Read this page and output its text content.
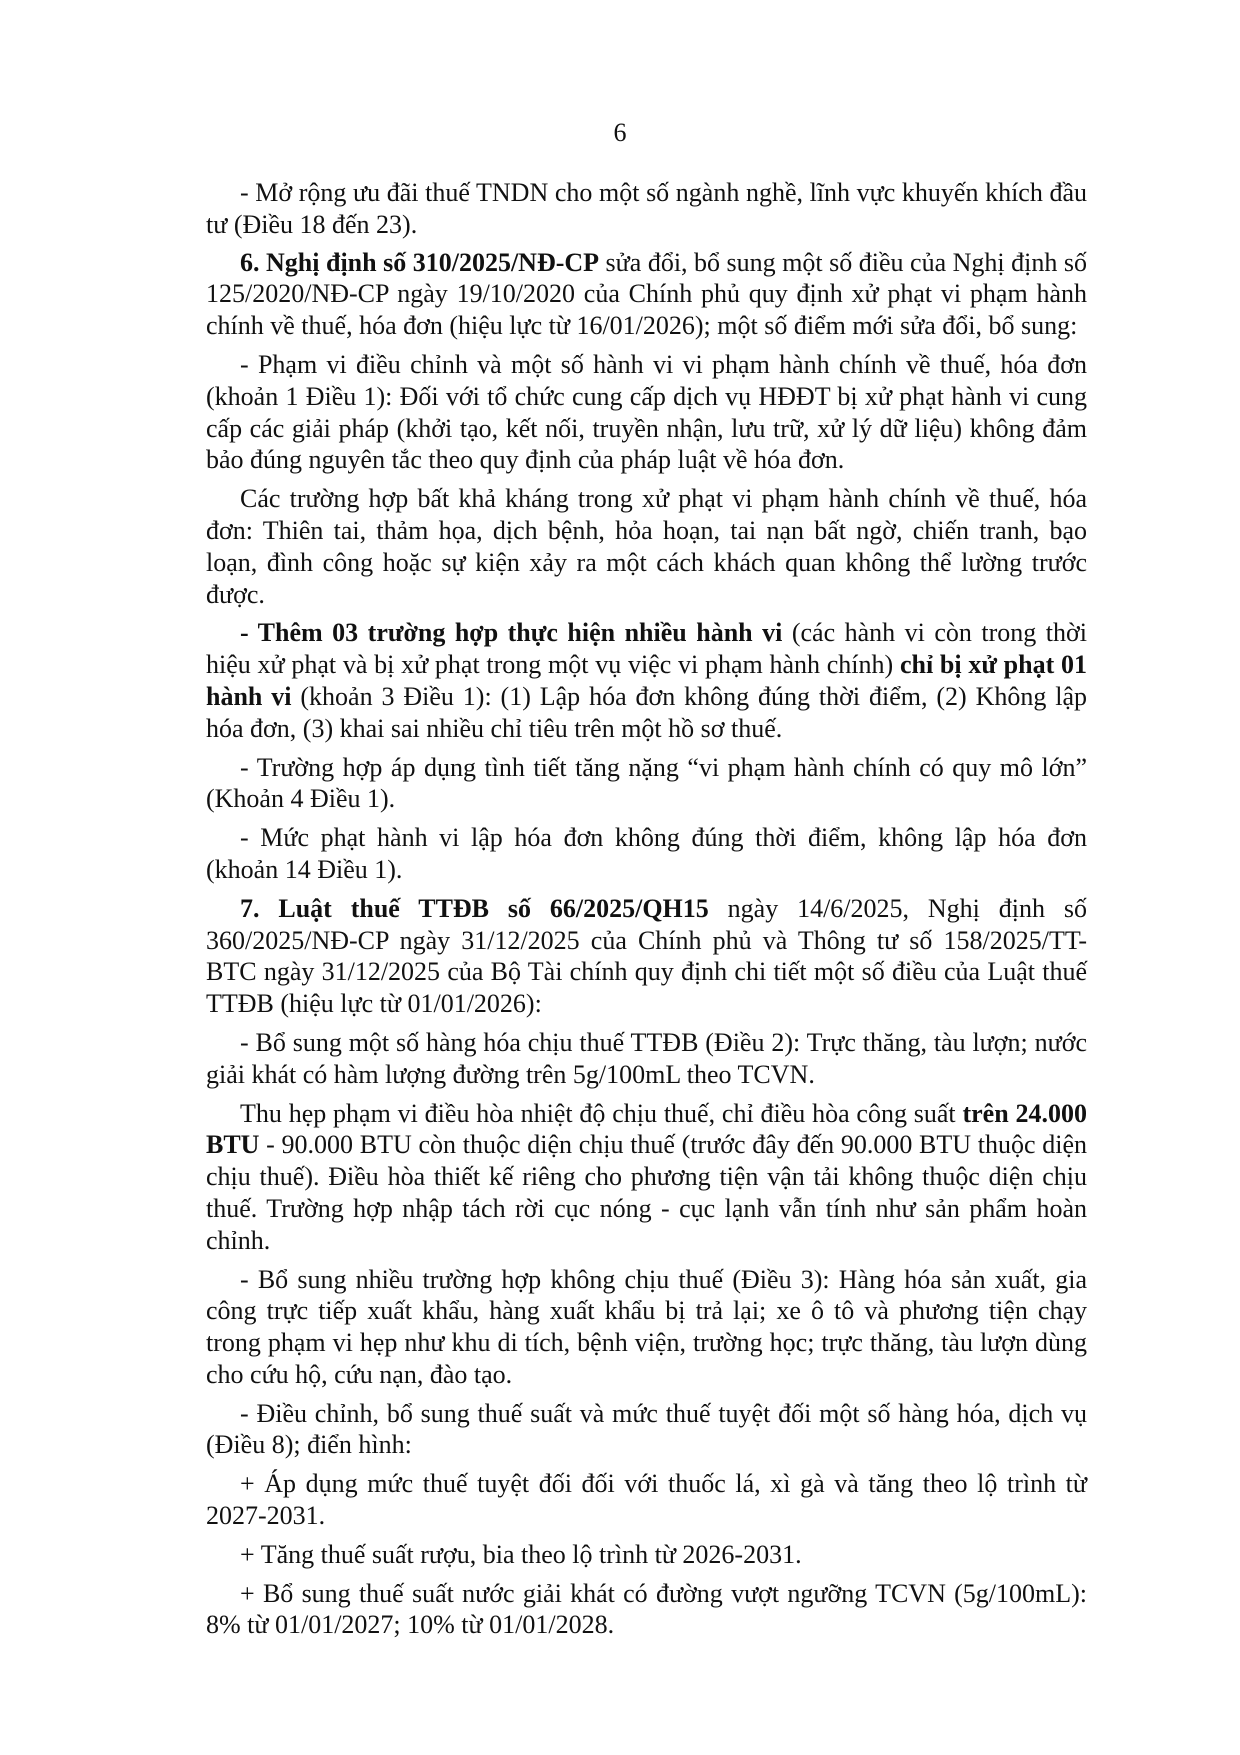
6

- Mở rộng ưu đãi thuế TNDN cho một số ngành nghề, lĩnh vực khuyến khích đầu tư (Điều 18 đến 23).

6. Nghị định số 310/2025/NĐ-CP sửa đổi, bổ sung một số điều của Nghị định số 125/2020/NĐ-CP ngày 19/10/2020 của Chính phủ quy định xử phạt vi phạm hành chính về thuế, hóa đơn (hiệu lực từ 16/01/2026); một số điểm mới sửa đổi, bổ sung:

- Phạm vi điều chỉnh và một số hành vi vi phạm hành chính về thuế, hóa đơn (khoản 1 Điều 1): Đối với tổ chức cung cấp dịch vụ HĐĐT bị xử phạt hành vi cung cấp các giải pháp (khởi tạo, kết nối, truyền nhận, lưu trữ, xử lý dữ liệu) không đảm bảo đúng nguyên tắc theo quy định của pháp luật về hóa đơn.

Các trường hợp bất khả kháng trong xử phạt vi phạm hành chính về thuế, hóa đơn: Thiên tai, thảm họa, dịch bệnh, hỏa hoạn, tai nạn bất ngờ, chiến tranh, bạo loạn, đình công hoặc sự kiện xảy ra một cách khách quan không thể lường trước được.

- Thêm 03 trường hợp thực hiện nhiều hành vi (các hành vi còn trong thời hiệu xử phạt và bị xử phạt trong một vụ việc vi phạm hành chính) chỉ bị xử phạt 01 hành vi (khoản 3 Điều 1): (1) Lập hóa đơn không đúng thời điểm, (2) Không lập hóa đơn, (3) khai sai nhiều chỉ tiêu trên một hồ sơ thuế.

- Trường hợp áp dụng tình tiết tăng nặng “vi phạm hành chính có quy mô lớn” (Khoản 4 Điều 1).

- Mức phạt hành vi lập hóa đơn không đúng thời điểm, không lập hóa đơn (khoản 14 Điều 1).

7. Luật thuế TTĐB số 66/2025/QH15 ngày 14/6/2025, Nghị định số 360/2025/NĐ-CP ngày 31/12/2025 của Chính phủ và Thông tư số 158/2025/TT-BTC ngày 31/12/2025 của Bộ Tài chính quy định chi tiết một số điều của Luật thuế TTĐB (hiệu lực từ 01/01/2026):

- Bổ sung một số hàng hóa chịu thuế TTĐB (Điều 2): Trực thăng, tàu lượn; nước giải khát có hàm lượng đường trên 5g/100mL theo TCVN.

Thu hẹp phạm vi điều hòa nhiệt độ chịu thuế, chỉ điều hòa công suất trên 24.000 BTU - 90.000 BTU còn thuộc diện chịu thuế (trước đây đến 90.000 BTU thuộc diện chịu thuế). Điều hòa thiết kế riêng cho phương tiện vận tải không thuộc diện chịu thuế. Trường hợp nhập tách rời cục nóng - cục lạnh vẫn tính như sản phẩm hoàn chỉnh.

- Bổ sung nhiều trường hợp không chịu thuế (Điều 3): Hàng hóa sản xuất, gia công trực tiếp xuất khẩu, hàng xuất khẩu bị trả lại; xe ô tô và phương tiện chạy trong phạm vi hẹp như khu di tích, bệnh viện, trường học; trực thăng, tàu lượn dùng cho cứu hộ, cứu nạn, đào tạo.

- Điều chỉnh, bổ sung thuế suất và mức thuế tuyệt đối một số hàng hóa, dịch vụ (Điều 8); điển hình:

+ Áp dụng mức thuế tuyệt đối đối với thuốc lá, xì gà và tăng theo lộ trình từ 2027-2031.

+ Tăng thuế suất rượu, bia theo lộ trình từ 2026-2031.

+ Bổ sung thuế suất nước giải khát có đường vượt ngưỡng TCVN (5g/100mL): 8% từ 01/01/2027; 10% từ 01/01/2028.
